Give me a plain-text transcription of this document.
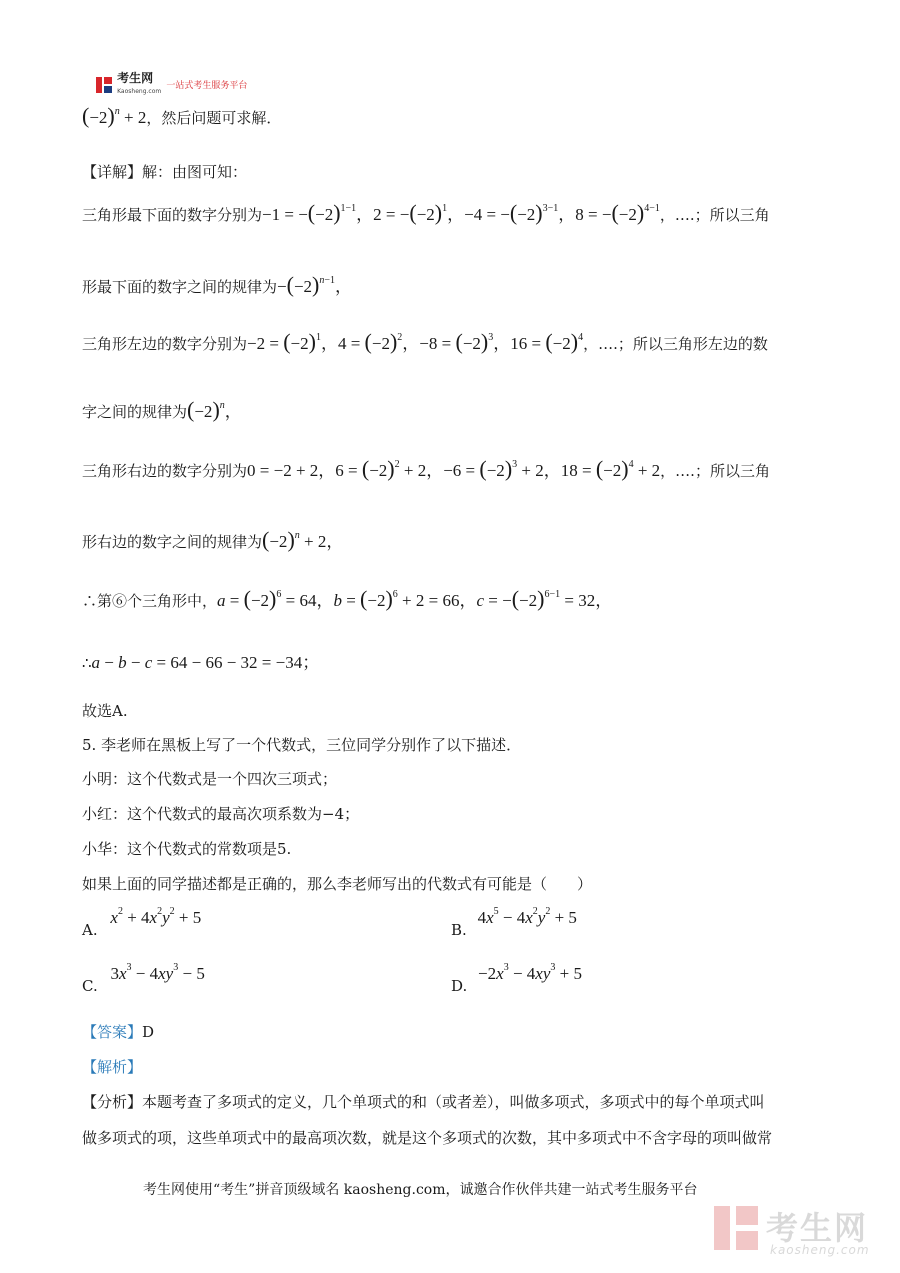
考生网
Kaosheng.com 一站式考生服务平台
$(-2)^n + 2$，然后问题可求解．
【详解】解：由图可知：
三角形最下面的数字分别为$-1 = -(-2)^{1-1}$，$2 = -(-2)^1$，$-4 = -(-2)^{3-1}$，$8 = -(-2)^{4-1}$，….；所以三角
形最下面的数字之间的规律为$-(-2)^{n-1}$，
三角形左边的数字分别为$-2 = (-2)^1$，$4 = (-2)^2$，$-8 = (-2)^3$，$16 = (-2)^4$，….；所以三角形左边的数
字之间的规律为$(-2)^n$，
三角形右边的数字分别为0 = −2 + 2，$6 = (-2)^2 + 2$，$-6 = (-2)^3 + 2$，$18 = (-2)^4 + 2$，….；所以三角
形右边的数字之间的规律为$(-2)^n + 2$，
∴第⑥个三角形中，$a = (-2)^6 = 64$，$b = (-2)^6 + 2 = 66$，$c = -(-2)^{6-1} = 32$，
∴a − b − c = 64 − 66 − 32 = −34；
故选A.
5. 李老师在黑板上写了一个代数式，三位同学分别作了以下描述．
小明：这个代数式是一个四次三项式；
小红：这个代数式的最高次项系数为−4；
小华：这个代数式的常数项是5.
如果上面的同学描述都是正确的，那么李老师写出的代数式有可能是（　　）
A. $x^2 + 4x^2y^2 + 5$
B. $4x^5 - 4x^2y^2 + 5$
C. $3x^3 - 4xy^3 - 5$
D. $-2x^3 - 4xy^3 + 5$
【答案】D
【解析】
【分析】本题考查了多项式的定义，几个单项式的和（或者差），叫做多项式，多项式中的每个单项式叫
做多项式的项，这些单项式中的最高项次数，就是这个多项式的次数，其中多项式中不含字母的项叫做常
考生网使用“考生”拼音顶级域名 kaosheng.com，诚邀合作伙伴共建一站式考生服务平台
考生网
kaosheng.com
